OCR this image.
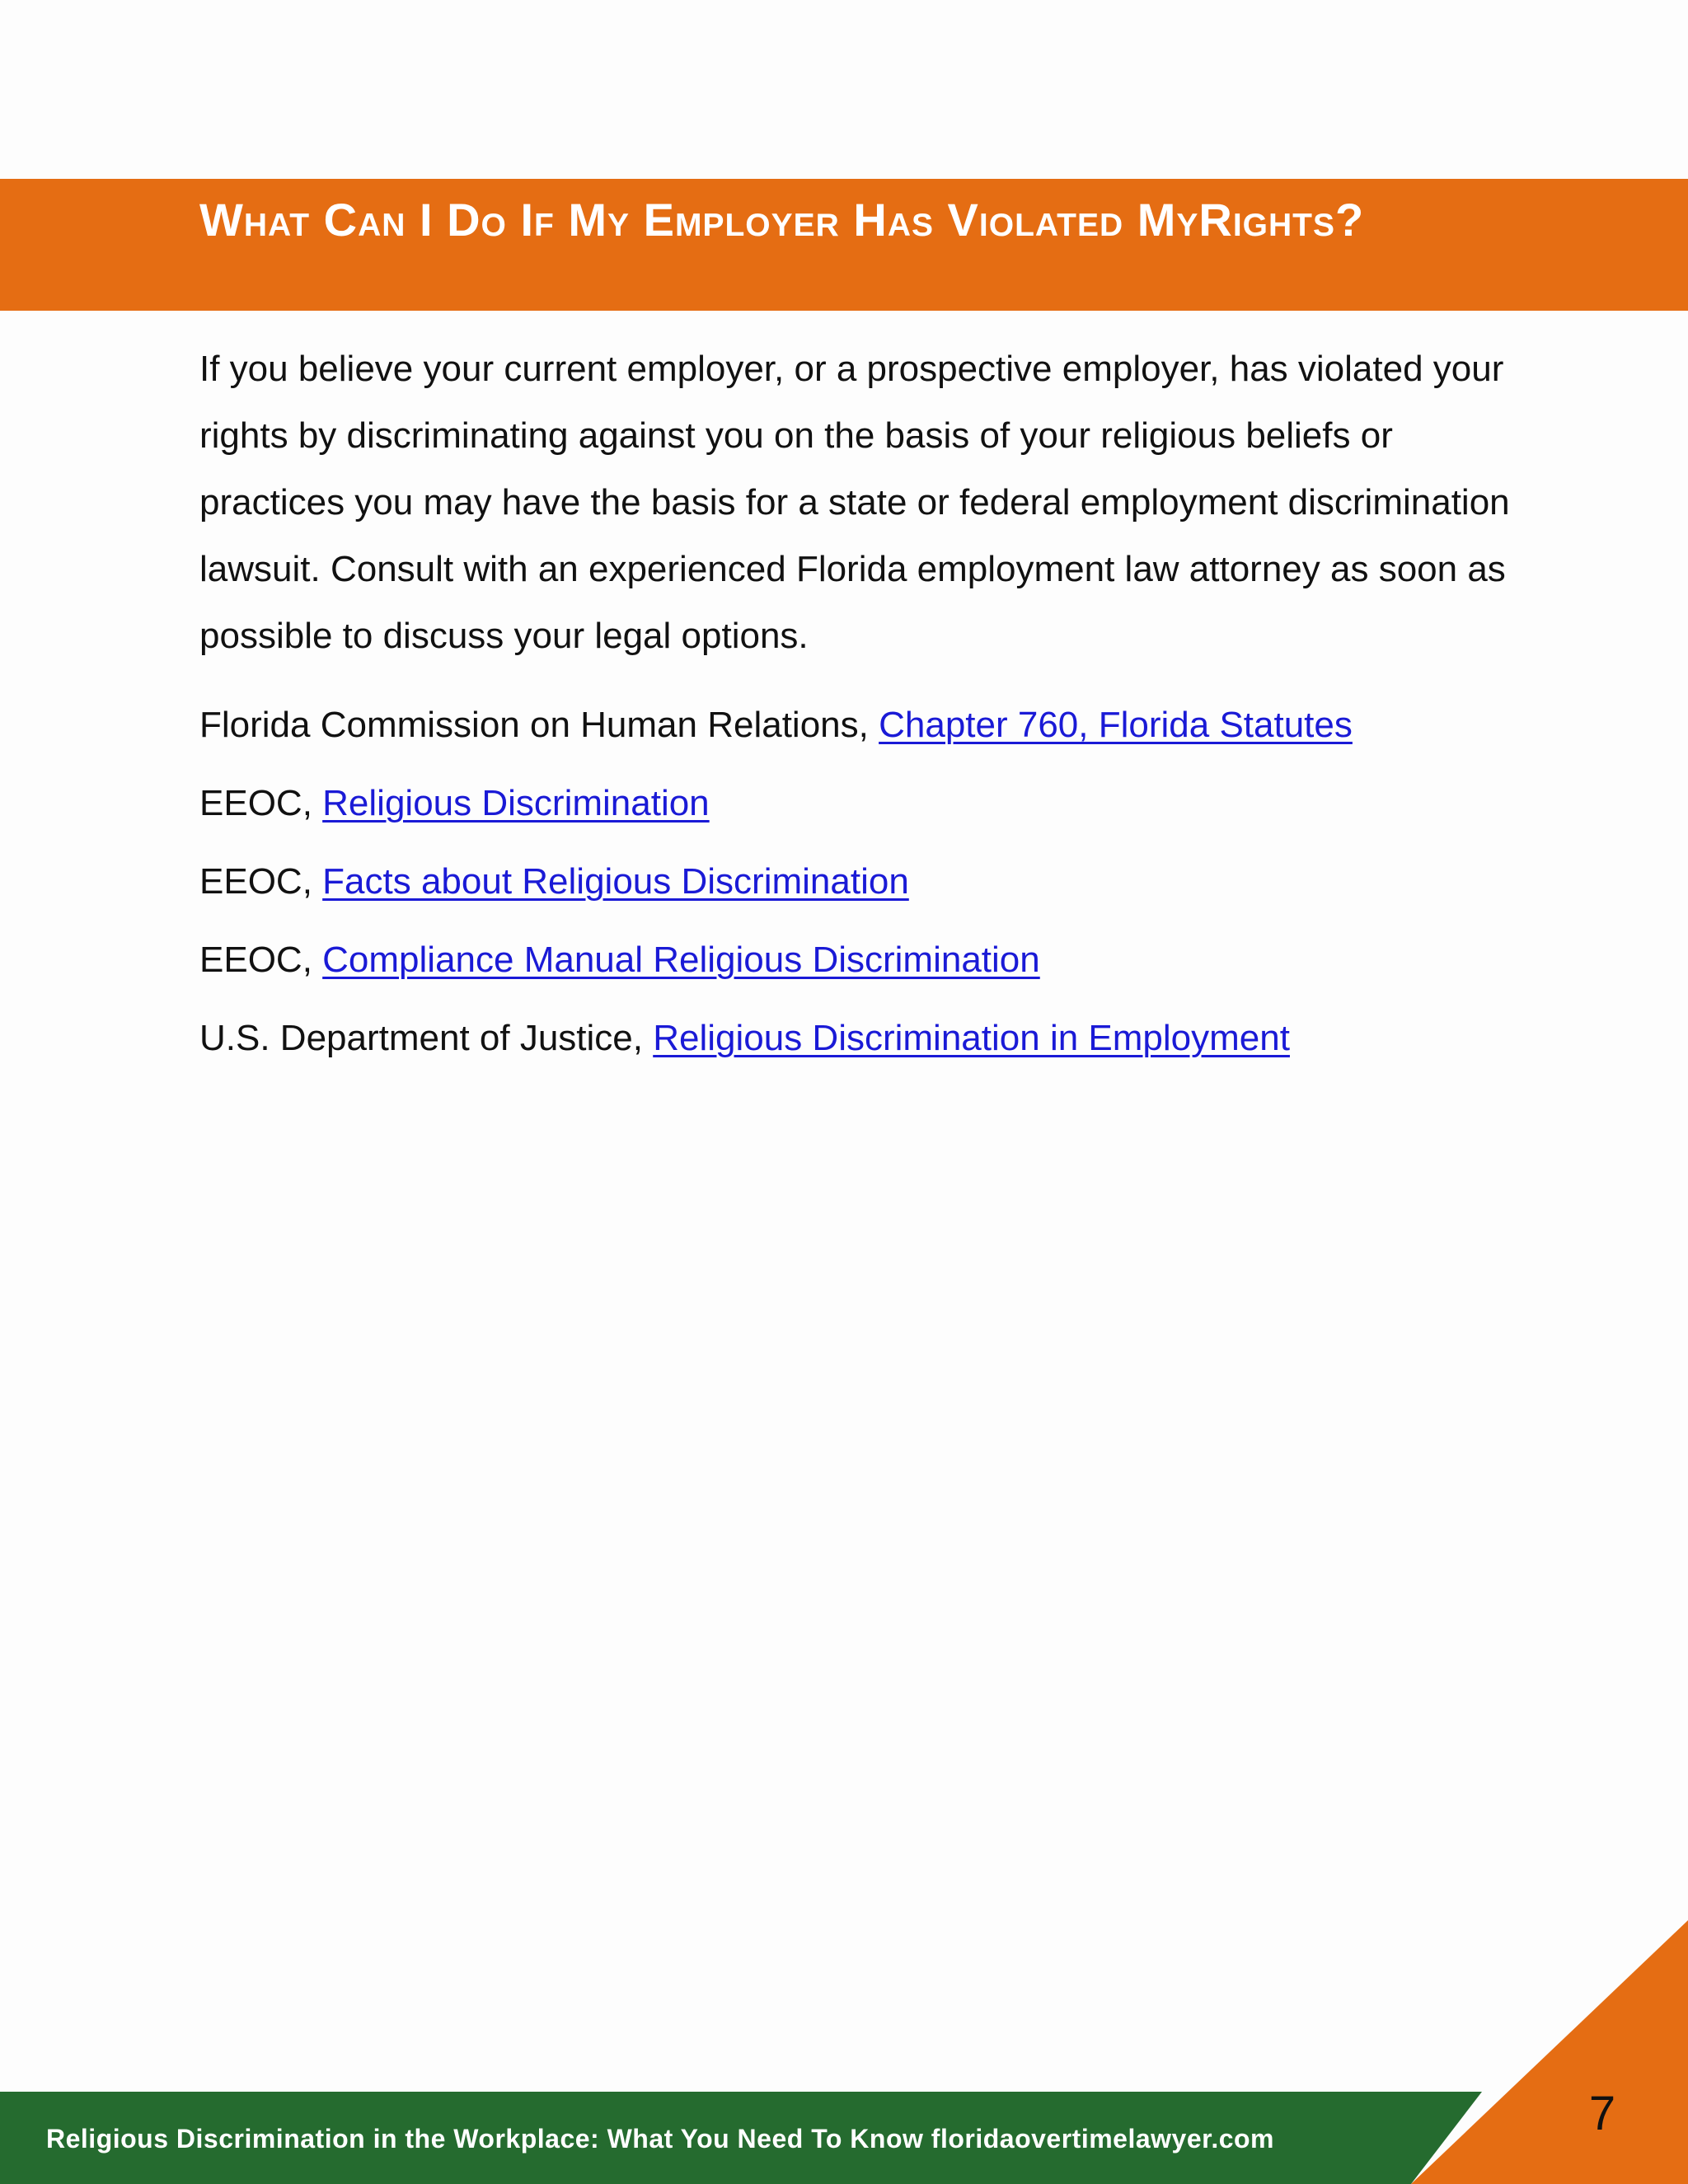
What Can I Do If My Employer Has Violated MyRights?

If you believe your current employer, or a prospective employer, has violated your rights by discriminating against you on the basis of your religious beliefs or practices you may have the basis for a state or federal employment discrimination lawsuit. Consult with an experienced Florida employment law attorney as soon as possible to discuss your legal options.

Florida Commission on Human Relations, Chapter 760, Florida Statutes
EEOC, Religious Discrimination
EEOC, Facts about Religious Discrimination
EEOC, Compliance Manual Religious Discrimination
U.S. Department of Justice, Religious Discrimination in Employment
Religious Discrimination in the Workplace: What You Need To Know floridaovertimelawyer.com	7
